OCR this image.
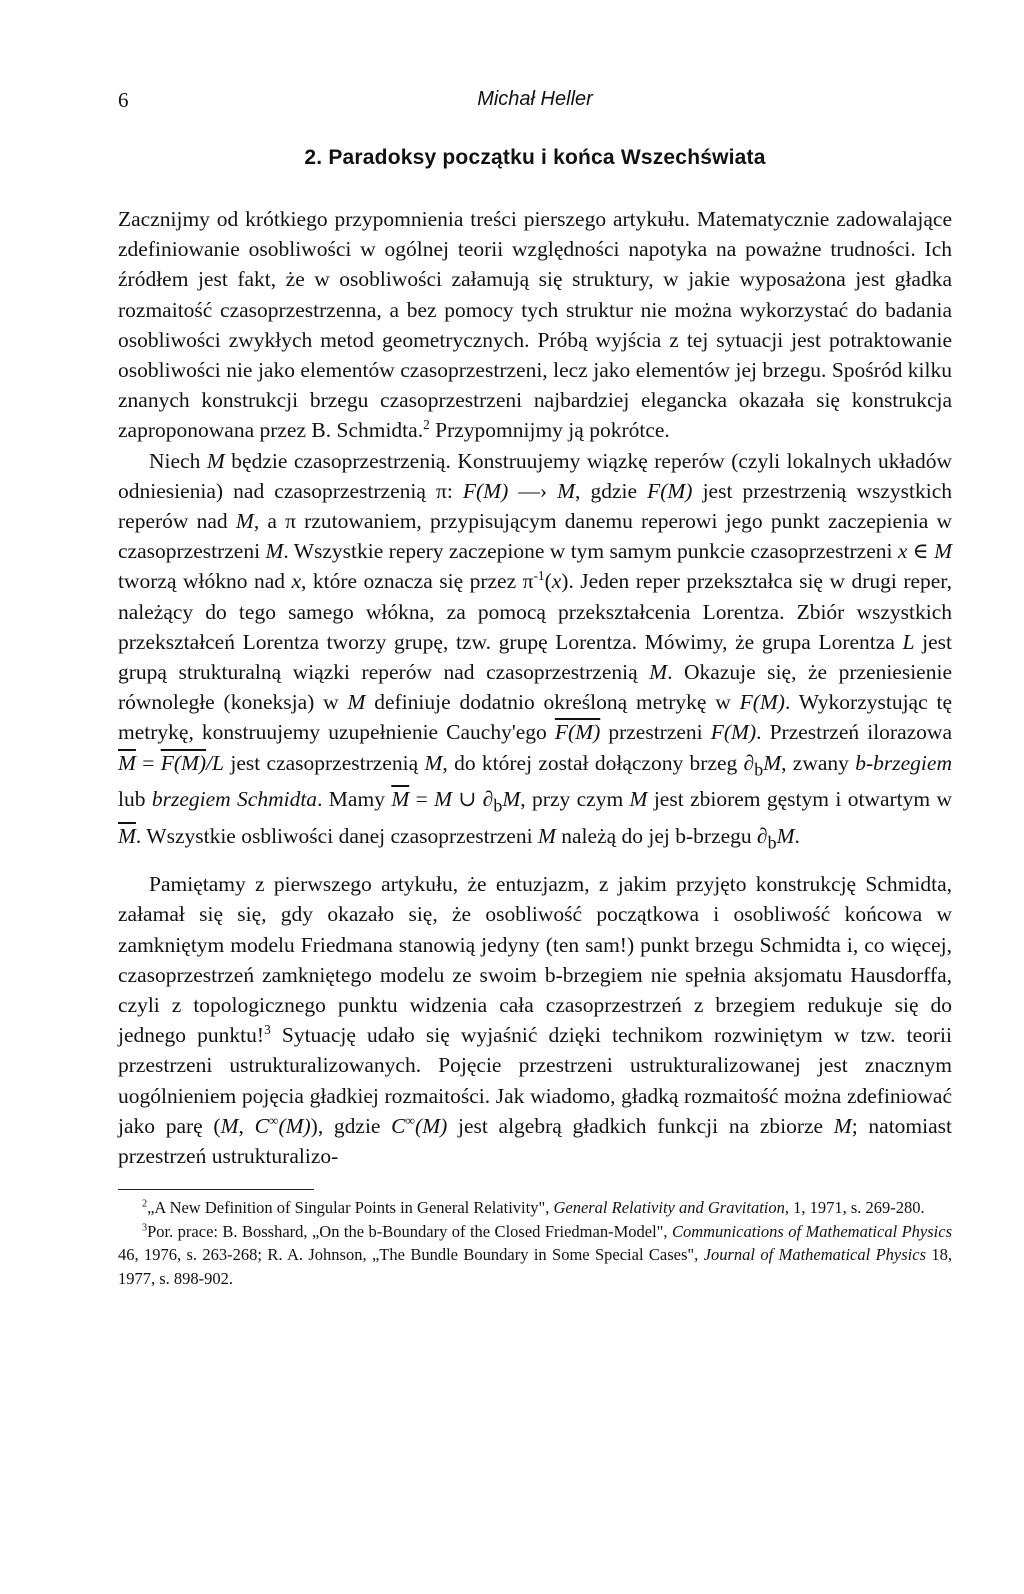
6	Michał Heller
2. Paradoksy początku i końca Wszechświata

Zacznijmy od krótkiego przypomnienia treści pierszego artykułu. Matematycznie zadowalające zdefiniowanie osobliwości w ogólnej teorii względności napotyka na poważne trudności. Ich źródłem jest fakt, że w osobliwości załamują się struktury, w jakie wyposażona jest gładka rozmaitość czasoprzestrzenna, a bez pomocy tych struktur nie można wykorzystać do badania osobliwości zwykłych metod geometrycznych. Próbą wyjścia z tej sytuacji jest potraktowanie osobliwości nie jako elementów czasoprzestrzeni, lecz jako elementów jej brzegu. Spośród kilku znanych konstrukcji brzegu czasoprzestrzeni najbardziej elegancka okazała się konstrukcja zaproponowana przez B. Schmidta.$^2$ Przypomnijmy ją pokrótce.

Niech M będzie czasoprzestrzenią. Konstruujemy wiązkę reperów (czyli lokalnych układów odniesienia) nad czasoprzestrzenią π: F(M) —› M, gdzie F(M) jest przestrzenią wszystkich reperów nad M, a π rzutowaniem, przypisującym danemu reperowi jego punkt zaczepienia w czasoprzestrzeni M. Wszystkie repery zaczepione w tym samym punkcie czasoprzestrzeni x ∈ M tworzą włókno nad x, które oznacza się przez $\pi^{-1}(x)$. Jeden reper przekształca się w drugi reper, należący do tego samego włókna, za pomocą przekształcenia Lorentza. Zbiór wszystkich przekształceń Lorentza tworzy grupę, tzw. grupę Lorentza. Mówimy, że grupa Lorentza L jest grupą strukturalną wiązki reperów nad czasoprzestrzenią M. Okazuje się, że przeniesienie równoległe (koneksja) w M definiuje dodatnio określoną metrykę w F(M). Wykorzystując tę metrykę, konstruujemy uzupełnienie Cauchy'ego F(M) przestrzeni F(M). Przestrzeń ilorazowa $\overline{M} = F(M)/L$ jest czasoprzestrzenią M, do której został dołączony brzeg $\partial_bM$, zwany b-brzegiem lub brzegiem Schmidta. Mamy $\overline{M} = M$ ∪ $\partial_bM$, przy czym M jest zbiorem gęstym i otwartym w $\overline{M}$. Wszystkie osbliwości danej czasoprzestrzeni M należą do jej b-brzegu $\partial_bM$.

Pamiętamy z pierwszego artykułu, że entuzjazm, z jakim przyjęto konstrukcję Schmidta, załamał się się, gdy okazało się, że osobliwość początkowa i osobliwość końcowa w zamkniętym modelu Friedmana stanowią jedyny (ten sam!) punkt brzegu Schmidta i, co więcej, czasoprzestrzeń zamkniętego modelu ze swoim b-brzegiem nie spełnia aksjomatu Hausdorffa, czyli z topologicznego punktu widzenia cała czasoprzestrzeń z brzegiem redukuje się do jednego punktu!$^3$ Sytuację udało się wyjaśnić dzięki technikom rozwiniętym w tzw. teorii przestrzeni ustrukturalizowanych. Pojęcie przestrzeni ustrukturalizowanej jest znacznym uogólnieniem pojęcia gładkiej rozmaitości. Jak wiadomo, gładką rozmaitość można zdefiniować jako parę (M, C∞(M)), gdzie C∞(M) jest algebrą gładkich funkcji na zbiorze M; natomiast przestrzeń ustrukturalizo-

$^2$„A New Definition of Singular Points in General Relativity", General Relativity and Gravitation, 1, 1971, s. 269-280.

$^3$Por. prace: B. Bosshard, „On the b-Boundary of the Closed Friedman-Model", Communications of Mathematical Physics 46, 1976, s. 263-268; R. A. Johnson, „The Bundle Boundary in Some Special Cases", Journal of Mathematical Physics 18, 1977, s. 898-902.
